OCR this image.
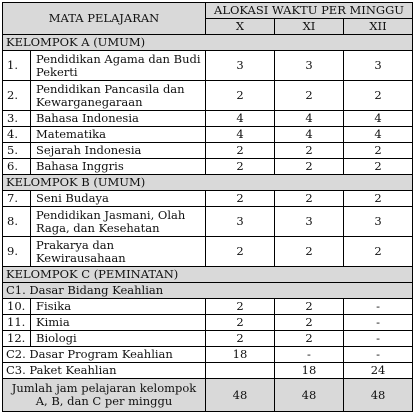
MATA PELAJARAN		ALOKASI WAKTU PER MINGGU		
		X	XI	XII
KELOMPOK A (UMUM)				
1.	Pendidikan Agama dan Budi Pekerti	3	3	3
2.	Pendidikan Pancasila dan Kewarganegaraan	2	2	2
3.	Bahasa Indonesia	4	4	4
4.	Matematika	4	4	4
5.	Sejarah Indonesia	2	2	2
6.	Bahasa Inggris	2	2	2
KELOMPOK B (UMUM)				
7.	Seni Budaya	2	2	2
8.	Pendidikan Jasmani, Olah Raga, dan Kesehatan	3	3	3
9.	Prakarya dan Kewirausahaan	2	2	2
KELOMPOK C (PEMINATAN)				
C1. Dasar Bidang Keahlian				
10.	Fisika	2	2	-
11.	Kimia	2	2	-
12.	Biologi	2	2	-
C2. Dasar Program Keahlian		18	-	-
C3. Paket Keahlian			18	24
Jumlah jam pelajaran kelompok A, B, dan C per minggu		48	48	48
